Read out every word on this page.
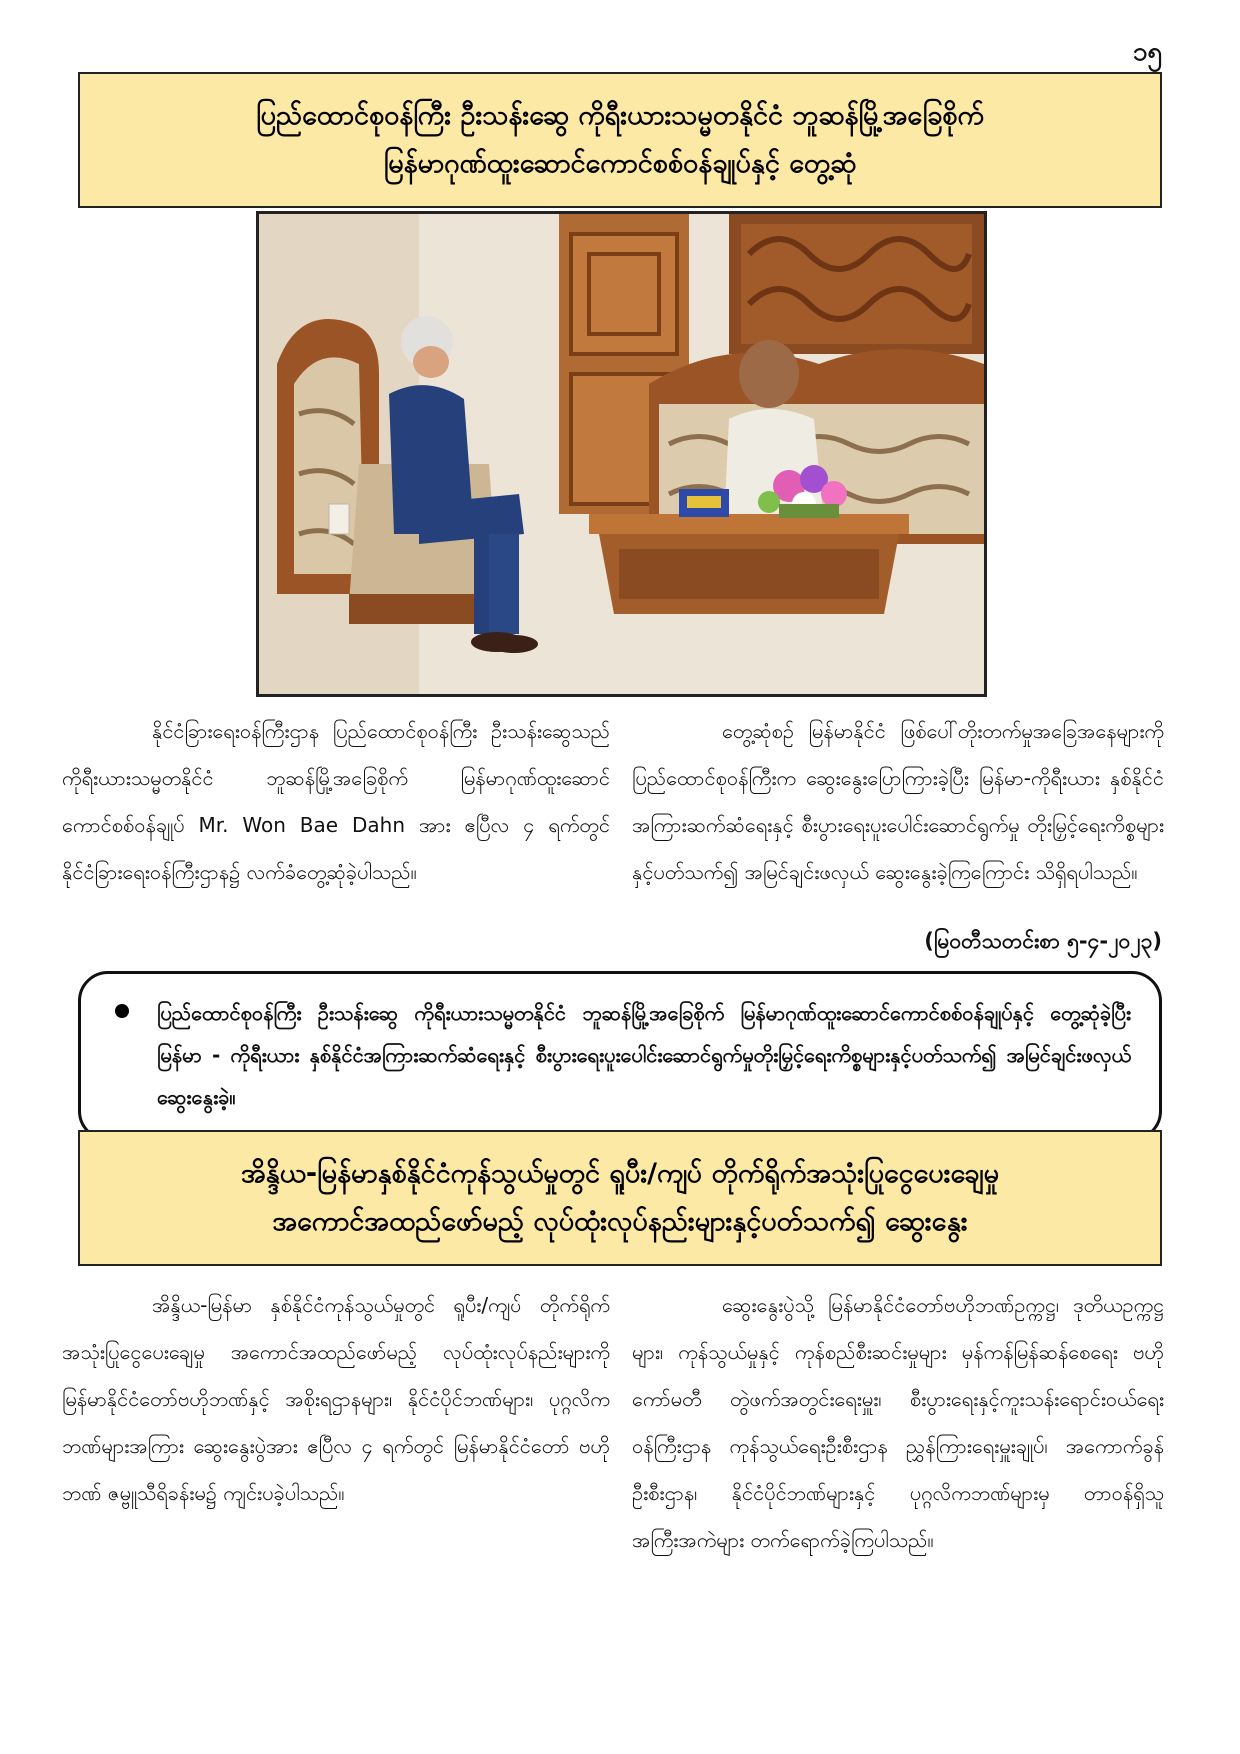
၁၅
ပြည်ထောင်စုဝန်ကြီး ဦးသန်းဆွေ ကိုရီးယားသမ္မတနိုင်ငံ ဘူဆန်မြို့အခြေစိုက်
မြန်မာဂုဏ်ထူးဆောင်ကောင်စစ်ဝန်ချုပ်နှင့် တွေ့ဆုံ

နိုင်ငံခြားရေးဝန်ကြီးဌာန ပြည်ထောင်စုဝန်ကြီး ဦးသန်းဆွေသည် ကိုရီးယားသမ္မတနိုင်ငံ ဘူဆန်မြို့အခြေစိုက် မြန်မာဂုဏ်ထူးဆောင်ကောင်စစ်ဝန်ချုပ် Mr. Won Bae Dahn အား ဧပြီလ ၄ ရက်တွင် နိုင်ငံခြားရေးဝန်ကြီးဌာန၌ လက်ခံတွေ့ဆုံခဲ့ပါသည်။

တွေ့ဆုံစဉ် မြန်မာနိုင်ငံ ဖြစ်ပေါ်တိုးတက်မှုအခြေအနေများကို ပြည်ထောင်စုဝန်ကြီးက ဆွေးနွေးပြောကြားခဲ့ပြီး မြန်မာ-ကိုရီးယား နှစ်နိုင်ငံအကြားဆက်ဆံရေးနှင့် စီးပွားရေးပူးပေါင်းဆောင်ရွက်မှု တိုးမြှင့်ရေးကိစ္စများနှင့်ပတ်သက်၍ အမြင်ချင်းဖလှယ် ဆွေးနွေးခဲ့ကြကြောင်း သိရှိရပါသည်။

(မြဝတီသတင်းစာ ၅-၄-၂၀၂၃)
ပြည်ထောင်စုဝန်ကြီး ဦးသန်းဆွေ ကိုရီးယားသမ္မတနိုင်ငံ ဘူဆန်မြို့အခြေစိုက် မြန်မာဂုဏ်ထူးဆောင်ကောင်စစ်ဝန်ချုပ်နှင့် တွေ့ဆုံခဲ့ပြီး မြန်မာ - ကိုရီးယား နှစ်နိုင်ငံအကြားဆက်ဆံရေးနှင့် စီးပွားရေးပူးပေါင်းဆောင်ရွက်မှုတိုးမြှင့်ရေးကိစ္စများနှင့်ပတ်သက်၍ အမြင်ချင်းဖလှယ် ဆွေးနွေးခဲ့။
အိန္ဒိယ-မြန်မာနှစ်နိုင်ငံကုန်သွယ်မှုတွင် ရူပီး/ကျပ် တိုက်ရိုက်အသုံးပြုငွေပေးချေမှု
အကောင်အထည်ဖော်မည့် လုပ်ထုံးလုပ်နည်းများနှင့်ပတ်သက်၍ ဆွေးနွေး

အိန္ဒိယ-မြန်မာ နှစ်နိုင်ငံကုန်သွယ်မှုတွင် ရူပီး/ကျပ် တိုက်ရိုက်အသုံးပြုငွေပေးချေမှု အကောင်အထည်ဖော်မည့် လုပ်ထုံးလုပ်နည်းများကို မြန်မာနိုင်ငံတော်ဗဟိုဘဏ်နှင့် အစိုးရဌာနများ၊ နိုင်ငံပိုင်ဘဏ်များ၊ ပုဂ္ဂလိကဘဏ်များအကြား ဆွေးနွေးပွဲအား ဧပြီလ ၄ ရက်တွင် မြန်မာနိုင်ငံတော် ဗဟိုဘဏ် ဇမ္ဗူသီရိခန်းမ၌ ကျင်းပခဲ့ပါသည်။

ဆွေးနွေးပွဲသို့ မြန်မာနိုင်ငံတော်ဗဟိုဘဏ်ဥက္ကဋ္ဌ၊ ဒုတိယဥက္ကဋ္ဌများ၊ ကုန်သွယ်မှုနှင့် ကုန်စည်စီးဆင်းမှုများ မှန်ကန်မြန်ဆန်စေရေး ဗဟိုကော်မတီ တွဲဖက်အတွင်းရေးမှူး၊ စီးပွားရေးနှင့်ကူးသန်းရောင်းဝယ်ရေးဝန်ကြီးဌာန ကုန်သွယ်ရေးဦးစီးဌာန ညွှန်ကြားရေးမှူးချုပ်၊ အကောက်ခွန်ဦးစီးဌာန၊ နိုင်ငံပိုင်ဘဏ်များနှင့် ပုဂ္ဂလိကဘဏ်များမှ တာဝန်ရှိသူအကြီးအကဲများ တက်ရောက်ခဲ့ကြပါသည်။
